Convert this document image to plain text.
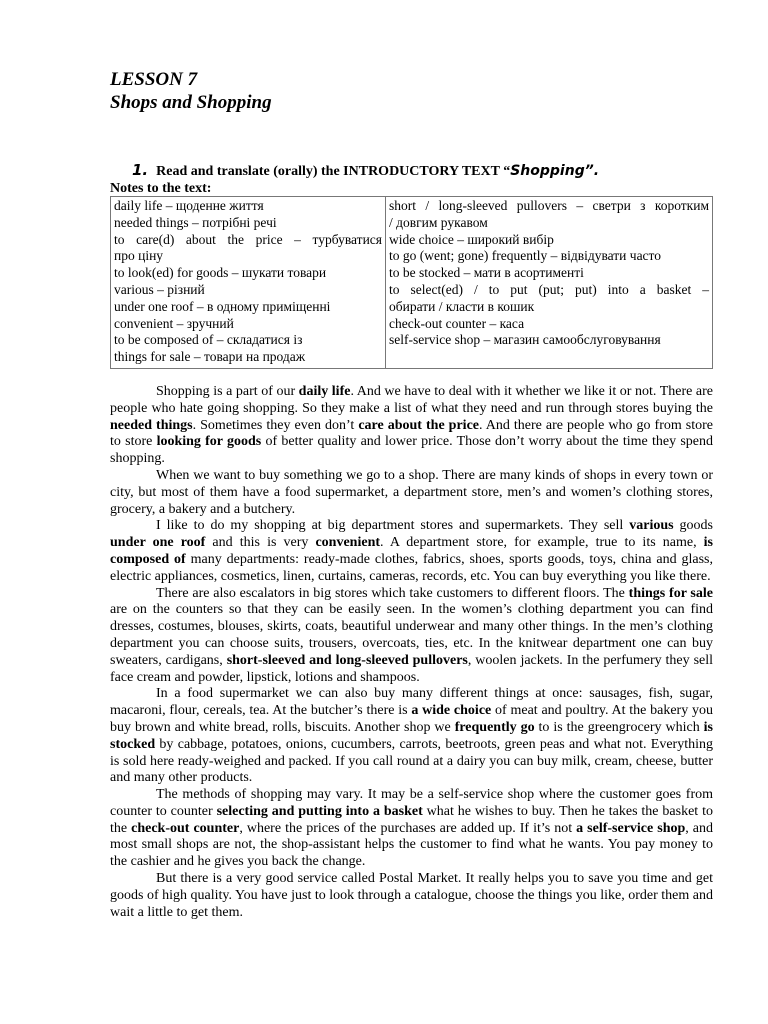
LESSON 7
Shops and Shopping
1. Read and translate (orally) the INTRODUCTORY TEXT “Shopping”.
Notes to the text:
daily life – щоденне життя
needed things – потрібні речі
to care(d) about the price – турбуватися
про ціну
to look(ed) for goods – шукати товари
various – різний
under one roof – в одному приміщенні
convenient – зручний
to be composed of – складатися із
things for sale – товари на продаж

short / long-sleeved pullovers – светри з коротким
/ довгим рукавом
wide choice – широкий вибір
to go (went; gone) frequently – відвідувати часто
to be stocked – мати в асортименті
to select(ed) / to put (put; put) into a basket –
обирати / класти в кошик
check-out counter – каса
self-service shop – магазин самообслуговування

Shopping is a part of our daily life. And we have to deal with it whether we like it or not. There are people who hate going shopping. So they make a list of what they need and run through stores buying the needed things. Sometimes they even don’t care about the price. And there are people who go from store to store looking for goods of better quality and lower price. Those don’t worry about the time they spend shopping.

When we want to buy something we go to a shop. There are many kinds of shops in every town or city, but most of them have a food supermarket, a department store, men’s and women’s clothing stores, grocery, a bakery and a butchery.

I like to do my shopping at big department stores and supermarkets. They sell various goods under one roof and this is very convenient. A department store, for example, true to its name, is composed of many departments: ready-made clothes, fabrics, shoes, sports goods, toys, china and glass, electric appliances, cosmetics, linen, curtains, cameras, records, etc. You can buy everything you like there.

There are also escalators in big stores which take customers to different floors. The things for sale are on the counters so that they can be easily seen. In the women’s clothing department you can find dresses, costumes, blouses, skirts, coats, beautiful underwear and many other things. In the men’s clothing department you can choose suits, trousers, overcoats, ties, etc. In the knitwear department one can buy sweaters, cardigans, short-sleeved and long-sleeved pullovers, woolen jackets. In the perfumery they sell face cream and powder, lipstick, lotions and shampoos.

In a food supermarket we can also buy many different things at once: sausages, fish, sugar, macaroni, flour, cereals, tea. At the butcher’s there is a wide choice of meat and poultry. At the bakery you buy brown and white bread, rolls, biscuits. Another shop we frequently go to is the greengrocery which is stocked by cabbage, potatoes, onions, cucumbers, carrots, beetroots, green peas and what not. Everything is sold here ready-weighed and packed. If you call round at a dairy you can buy milk, cream, cheese, butter and many other products.

The methods of shopping may vary. It may be a self-service shop where the customer goes from counter to counter selecting and putting into a basket what he wishes to buy. Then he takes the basket to the check-out counter, where the prices of the purchases are added up. If it’s not a self-service shop, and most small shops are not, the shop-assistant helps the customer to find what he wants. You pay money to the cashier and he gives you back the change.

But there is a very good service called Postal Market. It really helps you to save you time and get goods of high quality. You have just to look through a catalogue, choose the things you like, order them and wait a little to get them.
